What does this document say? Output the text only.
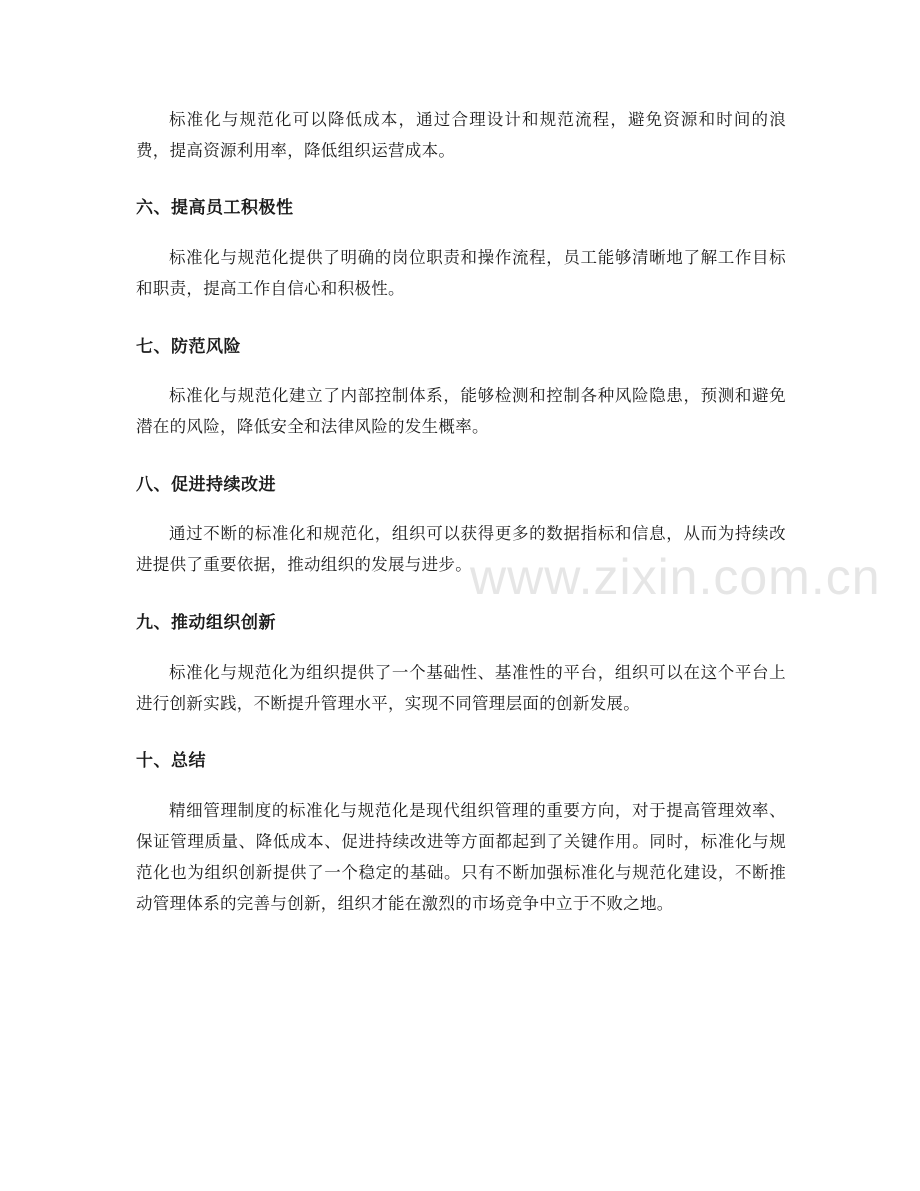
标准化与规范化可以降低成本，通过合理设计和规范流程，避免资源和时间的浪费，提高资源利用率，降低组织运营成本。

六、提高员工积极性

标准化与规范化提供了明确的岗位职责和操作流程，员工能够清晰地了解工作目标和职责，提高工作自信心和积极性。

七、防范风险

标准化与规范化建立了内部控制体系，能够检测和控制各种风险隐患，预测和避免潜在的风险，降低安全和法律风险的发生概率。

八、促进持续改进

通过不断的标准化和规范化，组织可以获得更多的数据指标和信息，从而为持续改进提供了重要依据，推动组织的发展与进步。

九、推动组织创新

标准化与规范化为组织提供了一个基础性、基准性的平台，组织可以在这个平台上进行创新实践，不断提升管理水平，实现不同管理层面的创新发展。

十、总结

精细管理制度的标准化与规范化是现代组织管理的重要方向，对于提高管理效率、保证管理质量、降低成本、促进持续改进等方面都起到了关键作用。同时，标准化与规范化也为组织创新提供了一个稳定的基础。只有不断加强标准化与规范化建设，不断推动管理体系的完善与创新，组织才能在激烈的市场竞争中立于不败之地。

www.zixin.com.cn
